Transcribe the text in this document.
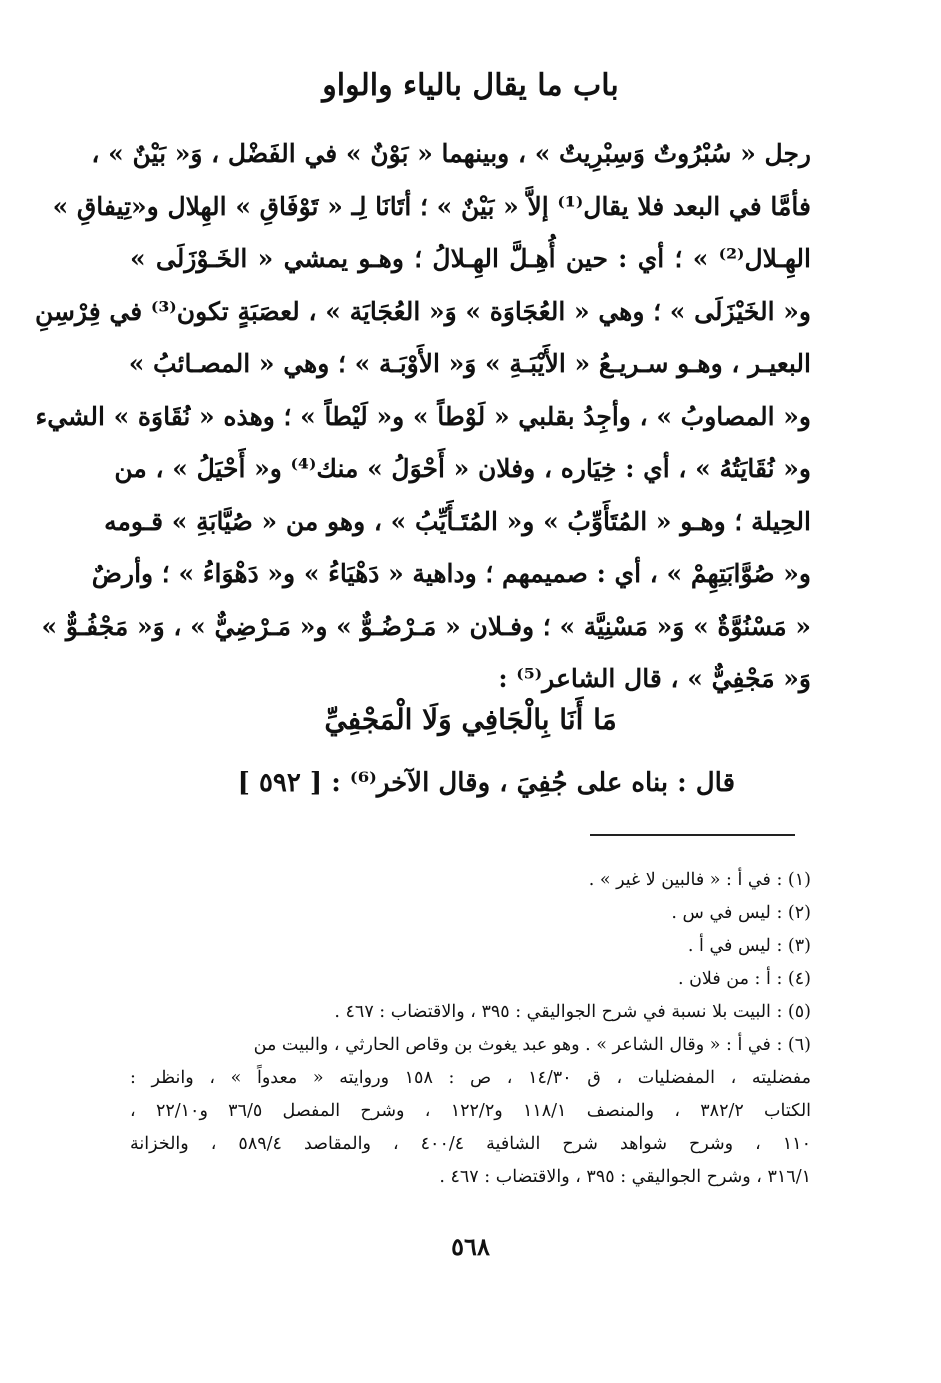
باب ما يقال بالياء والواو
رجل « سُبْرُوتٌ وَسِبْرِيتٌ » ، وبينهما « بَوْنٌ » في الفَضْل ، وَ« بَيْنٌ » ،
فأمَّا في البعد فلا يقال⁽¹⁾ إلاَّ « بَيْنٌ » ؛ أتَانَا لِـ « تَوْفَاقِ » الهِلال و«تِيفاقِ »
الهِـلال⁽²⁾ » ؛ أي : حين أُهِـلَّ الهِـلالُ ؛ وهـو يمشي « الخَـوْزَلَى »
و« الخَيْزَلَى » ؛ وهي « العُجَاوَة » وَ« العُجَايَة » ، لعصَبَةٍ تكون⁽³⁾ في فِرْسِنِ
البعيـر ، وهـو سـريـعُ « الأَيْبَـةِ » وَ« الأَوْبَـة » ؛ وهي « المصـائبُ »
و« المصاوبُ » ، وأجِدُ بقلبي « لَوْطاً » و« لَيْطاً » ؛ وهذه « نُقَاوَة » الشيء
و« نُقَايَتُهُ » ، أي : خِيَاره ، وفلان « أَحْوَلُ » منك⁽⁴⁾ و« أَحْيَلُ » ، من
الحِيلة ؛ وهـو « المُتَأَوِّبُ » و« المُتَـأَيِّبُ » ، وهو من « صُيَّابَةِ » قـومه
و« صُوَّابَتِهِمْ » ، أي : صميمهم ؛ وداهية « دَهْيَاءُ » و« دَهْوَاءُ » ؛ وأرضٌ
« مَسْنُوَّةٌ » وَ« مَسْنِيَّة » ؛ وفـلان « مَـرْضُـوٌّ » و« مَـرْضِيٌّ » ، وَ« مَجْفُـوٌّ »
وَ« مَجْفِيٌّ » ، قال الشاعر⁽⁵⁾ :
مَا أَنَا بِالْجَافِي وَلَا الْمَجْفِيِّ
قال : بناه على جُفِيَ ، وقال الآخر⁽⁶⁾ : [ ٥٩٢ ]
(١) : في أ : « فالبين لا غير » .
(٢) : ليس في س .
(٣) : ليس في أ .
(٤) : أ : من فلان .
(٥) : البيت بلا نسبة في شرح الجواليقي : ٣٩٥ ، والاقتضاب : ٤٦٧ .
(٦) : في أ : « وقال الشاعر » . وهو عبد يغوث بن وقاص الحارثي ، والبيت من
مفضليته ، المفضليات ، ق ١٤/٣٠ ، ص : ١٥٨ وروايته « معدواً » ، وانظر :
الكتاب ٣٨٢/٢ ، والمنصف ١١٨/١ و١٢٢/٢ ، وشرح المفصل ٣٦/٥ و٢٢/١٠ ،
١١٠ ، وشرح شواهد شرح الشافية ٤٠٠/٤ ، والمقاصد ٥٨٩/٤ ، والخزانة
٣١٦/١ ، وشرح الجواليقي : ٣٩٥ ، والاقتضاب : ٤٦٧ .
٥٦٨
